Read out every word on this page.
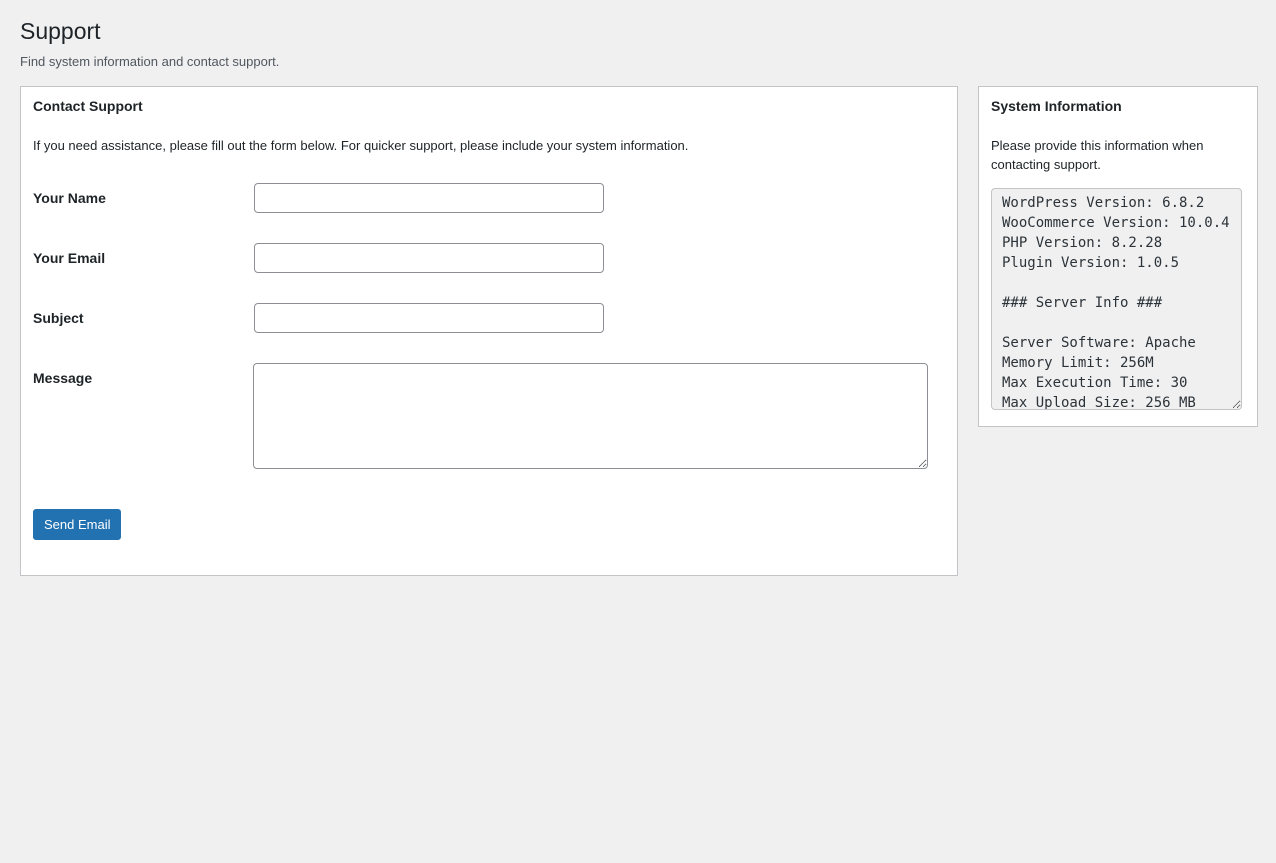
Support

Find system information and contact support.

Contact Support

If you need assistance, please fill out the form below. For quicker support, please include your system information.

Your Name
Your Email
Subject
Message
Send Email
System Information

Please provide this information when contacting support.

WordPress Version: 6.8.2 WooCommerce Version: 10.0.4 PHP Version: 8.2.28 Plugin Version: 1.0.5 ### Server Info ### Server Software: Apache Memory Limit: 256M Max Execution Time: 30 Max Upload Size: 256 MB
